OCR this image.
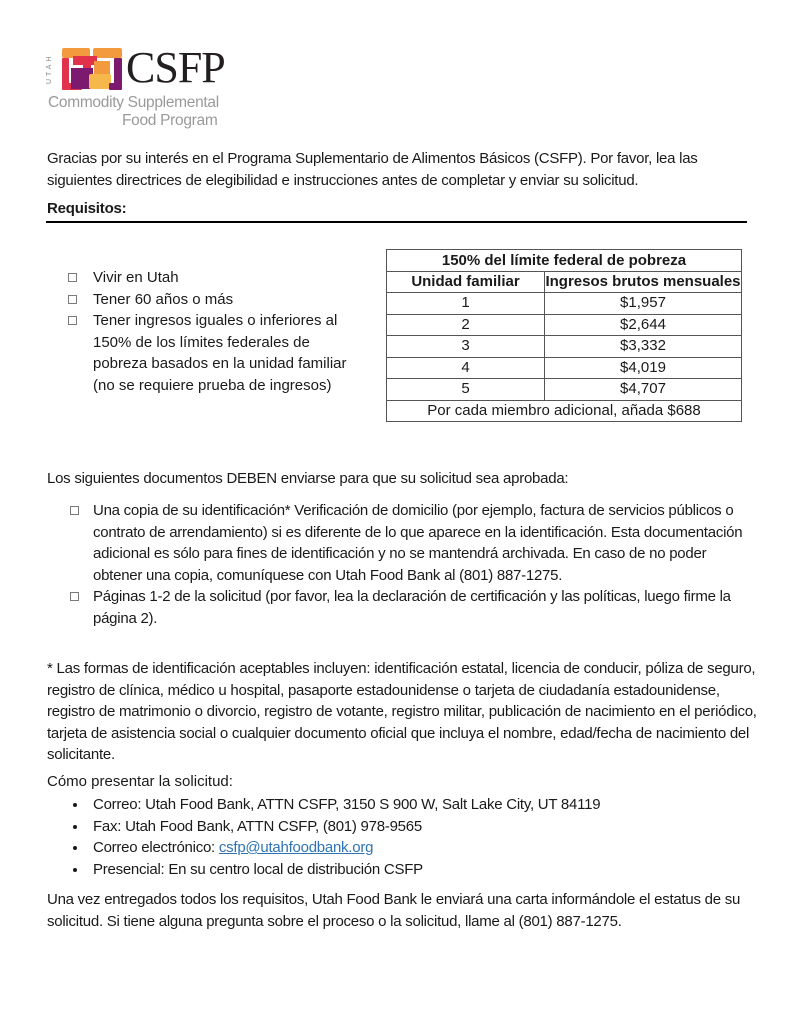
UTAH CSFP
Commodity Supplemental
Food Program
Gracias por su interés en el Programa Suplementario de Alimentos Básicos (CSFP). Por favor, lea las siguientes directrices de elegibilidad e instrucciones antes de completar y enviar su solicitud.
Requisitos:
Vivir en Utah
Tener 60 años o más
Tener ingresos iguales o inferiores al 150% de los límites federales de pobreza basados en la unidad familiar (no se requiere prueba de ingresos)
150% del límite federal de pobreza	
Unidad familiar	Ingresos brutos mensuales
1	$1,957
2	$2,644
3	$3,332
4	$4,019
5	$4,707
Por cada miembro adicional, añada $688	
Los siguientes documentos DEBEN enviarse para que su solicitud sea aprobada:
Una copia de su identificación* Verificación de domicilio (por ejemplo, factura de servicios públicos o contrato de arrendamiento) si es diferente de lo que aparece en la identificación. Esta documentación adicional es sólo para fines de identificación y no se mantendrá archivada. En caso de no poder obtener una copia, comuníquese con Utah Food Bank al (801) 887-1275.
Páginas 1-2 de la solicitud (por favor, lea la declaración de certificación y las políticas, luego firme la página 2).
* Las formas de identificación aceptables incluyen: identificación estatal, licencia de conducir, póliza de seguro, registro de clínica, médico u hospital, pasaporte estadounidense o tarjeta de ciudadanía estadounidense, registro de matrimonio o divorcio, registro de votante, registro militar, publicación de nacimiento en el periódico, tarjeta de asistencia social o cualquier documento oficial que incluya el nombre, edad/fecha de nacimiento del solicitante.
Cómo presentar la solicitud:
Correo: Utah Food Bank, ATTN CSFP, 3150 S 900 W, Salt Lake City, UT 84119
Fax: Utah Food Bank, ATTN CSFP, (801) 978-9565
Correo electrónico: csfp@utahfoodbank.org
Presencial: En su centro local de distribución CSFP
Una vez entregados todos los requisitos, Utah Food Bank le enviará una carta informándole el estatus de su solicitud. Si tiene alguna pregunta sobre el proceso o la solicitud, llame al (801) 887-1275.
